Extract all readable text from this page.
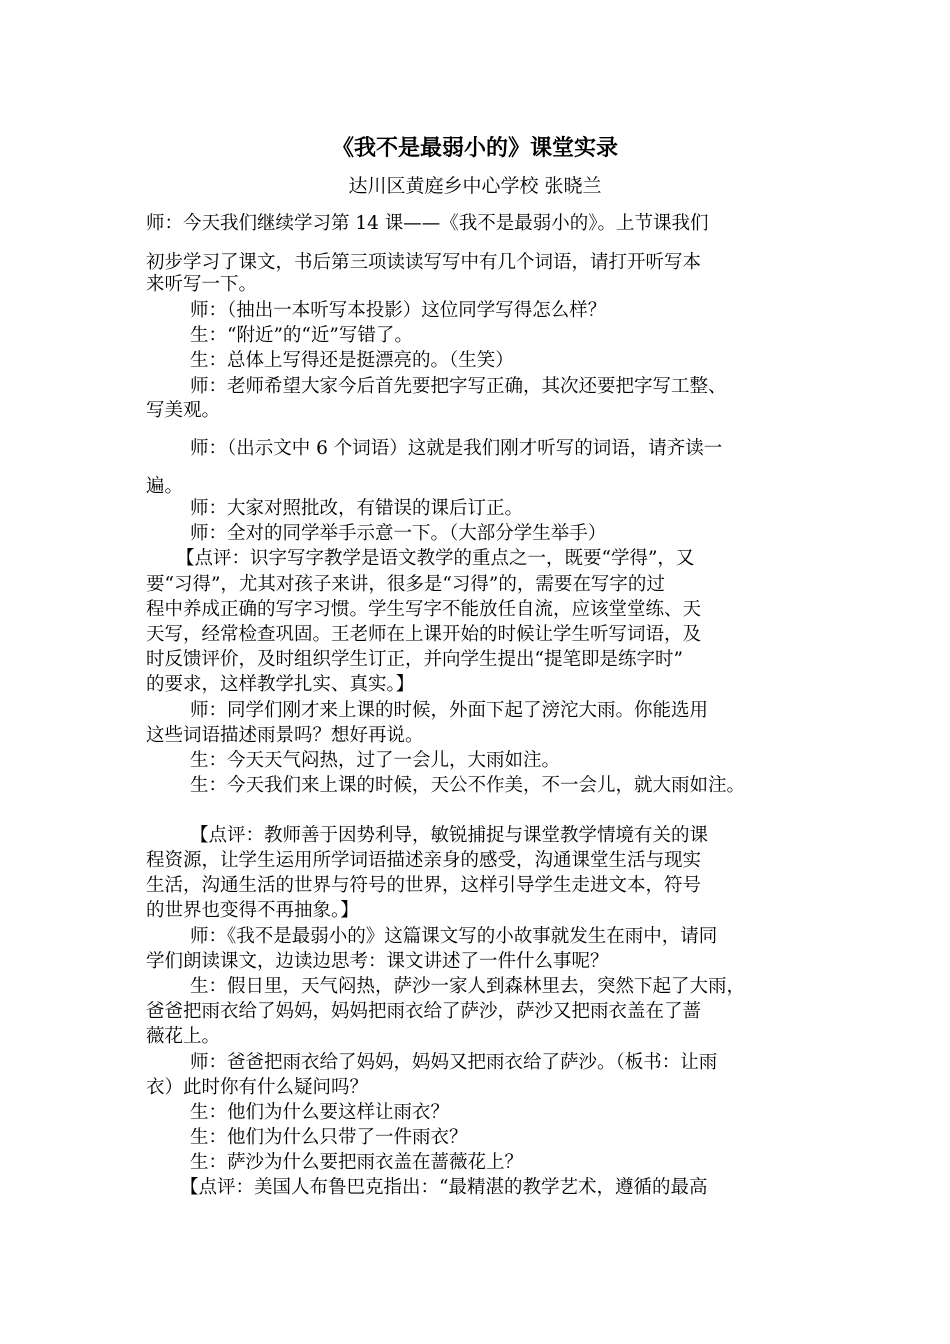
《我不是最弱小的》课堂实录
达川区黄庭乡中心学校 张晓兰
师：今天我们继续学习第 14 课——《我不是最弱小的》。上节课我们
初步学习了课文，书后第三项读读写写中有几个词语，请打开听写本
来听写一下。
师：（抽出一本听写本投影）这位同学写得怎么样？
生：“附近”的“近”写错了。
生：总体上写得还是挺漂亮的。（生笑）
师：老师希望大家今后首先要把字写正确，其次还要把字写工整、
写美观。
师：（出示文中 6 个词语）这就是我们刚才听写的词语，请齐读一
遍。
师：大家对照批改，有错误的课后订正。
师：全对的同学举手示意一下。（大部分学生举手）
【点评：识字写字教学是语文教学的重点之一，既要“学得”，又
要“习得”，尤其对孩子来讲，很多是“习得”的，需要在写字的过
程中养成正确的写字习惯。学生写字不能放任自流，应该堂堂练、天
天写，经常检查巩固。王老师在上课开始的时候让学生听写词语，及
时反馈评价，及时组织学生订正，并向学生提出“提笔即是练字时”
的要求，这样教学扎实、真实。】
师：同学们刚才来上课的时候，外面下起了滂沱大雨。你能选用
这些词语描述雨景吗？想好再说。
生：今天天气闷热，过了一会儿，大雨如注。
生：今天我们来上课的时候，天公不作美，不一会儿，就大雨如注。
【点评：教师善于因势利导，敏锐捕捉与课堂教学情境有关的课
程资源，让学生运用所学词语描述亲身的感受，沟通课堂生活与现实
生活，沟通生活的世界与符号的世界，这样引导学生走进文本，符号
的世界也变得不再抽象。】
师：《我不是最弱小的》这篇课文写的小故事就发生在雨中，请同
学们朗读课文，边读边思考：课文讲述了一件什么事呢？
生：假日里，天气闷热，萨沙一家人到森林里去，突然下起了大雨，
爸爸把雨衣给了妈妈，妈妈把雨衣给了萨沙，萨沙又把雨衣盖在了蔷
薇花上。
师：爸爸把雨衣给了妈妈，妈妈又把雨衣给了萨沙。（板书：让雨
衣）此时你有什么疑问吗？
生：他们为什么要这样让雨衣？
生：他们为什么只带了一件雨衣？
生：萨沙为什么要把雨衣盖在蔷薇花上？
【点评：美国人布鲁巴克指出：“最精湛的教学艺术，遵循的最高
